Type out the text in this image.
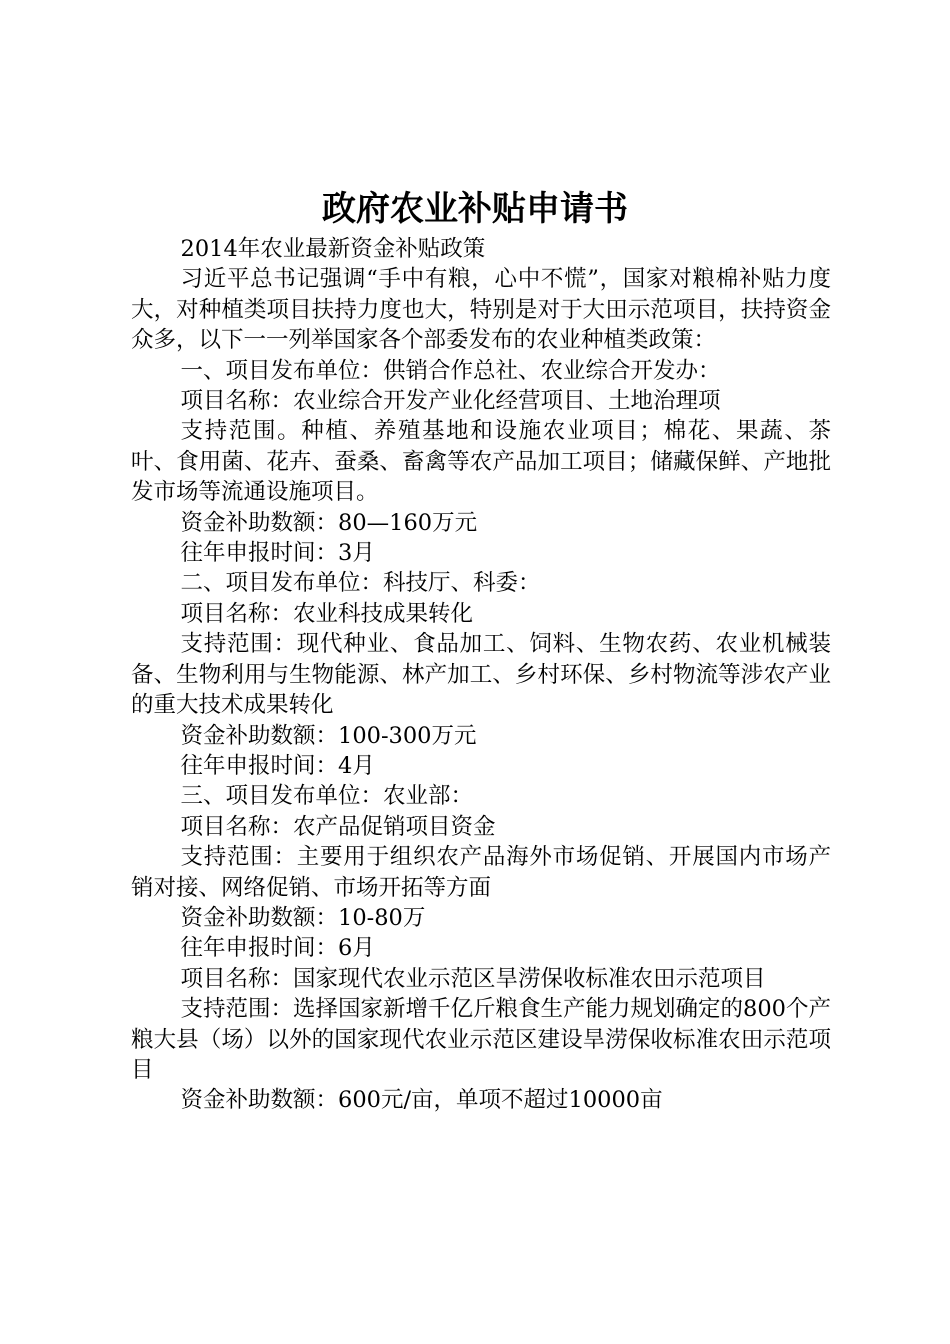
政府农业补贴申请书

2014年农业最新资金补贴政策

习近平总书记强调“手中有粮，心中不慌”，国家对粮棉补贴力度大，对种植类项目扶持力度也大，特别是对于大田示范项目，扶持资金众多，以下一一列举国家各个部委发布的农业种植类政策：

一、项目发布单位：供销合作总社、农业综合开发办：

项目名称：农业综合开发产业化经营项目、土地治理项

支持范围。种植、养殖基地和设施农业项目；棉花、果蔬、茶叶、食用菌、花卉、蚕桑、畜禽等农产品加工项目；储藏保鲜、产地批发市场等流通设施项目。

资金补助数额：80—160万元

往年申报时间：3月

二、项目发布单位：科技厅、科委：

项目名称：农业科技成果转化

支持范围：现代种业、食品加工、饲料、生物农药、农业机械装备、生物利用与生物能源、林产加工、乡村环保、乡村物流等涉农产业的重大技术成果转化

资金补助数额：100-300万元

往年申报时间：4月

三、项目发布单位：农业部：

项目名称：农产品促销项目资金

支持范围：主要用于组织农产品海外市场促销、开展国内市场产销对接、网络促销、市场开拓等方面

资金补助数额：10-80万

往年申报时间：6月

项目名称：国家现代农业示范区旱涝保收标准农田示范项目

支持范围：选择国家新增千亿斤粮食生产能力规划确定的800个产粮大县（场）以外的国家现代农业示范区建设旱涝保收标准农田示范项目

资金补助数额：600元/亩，单项不超过10000亩
